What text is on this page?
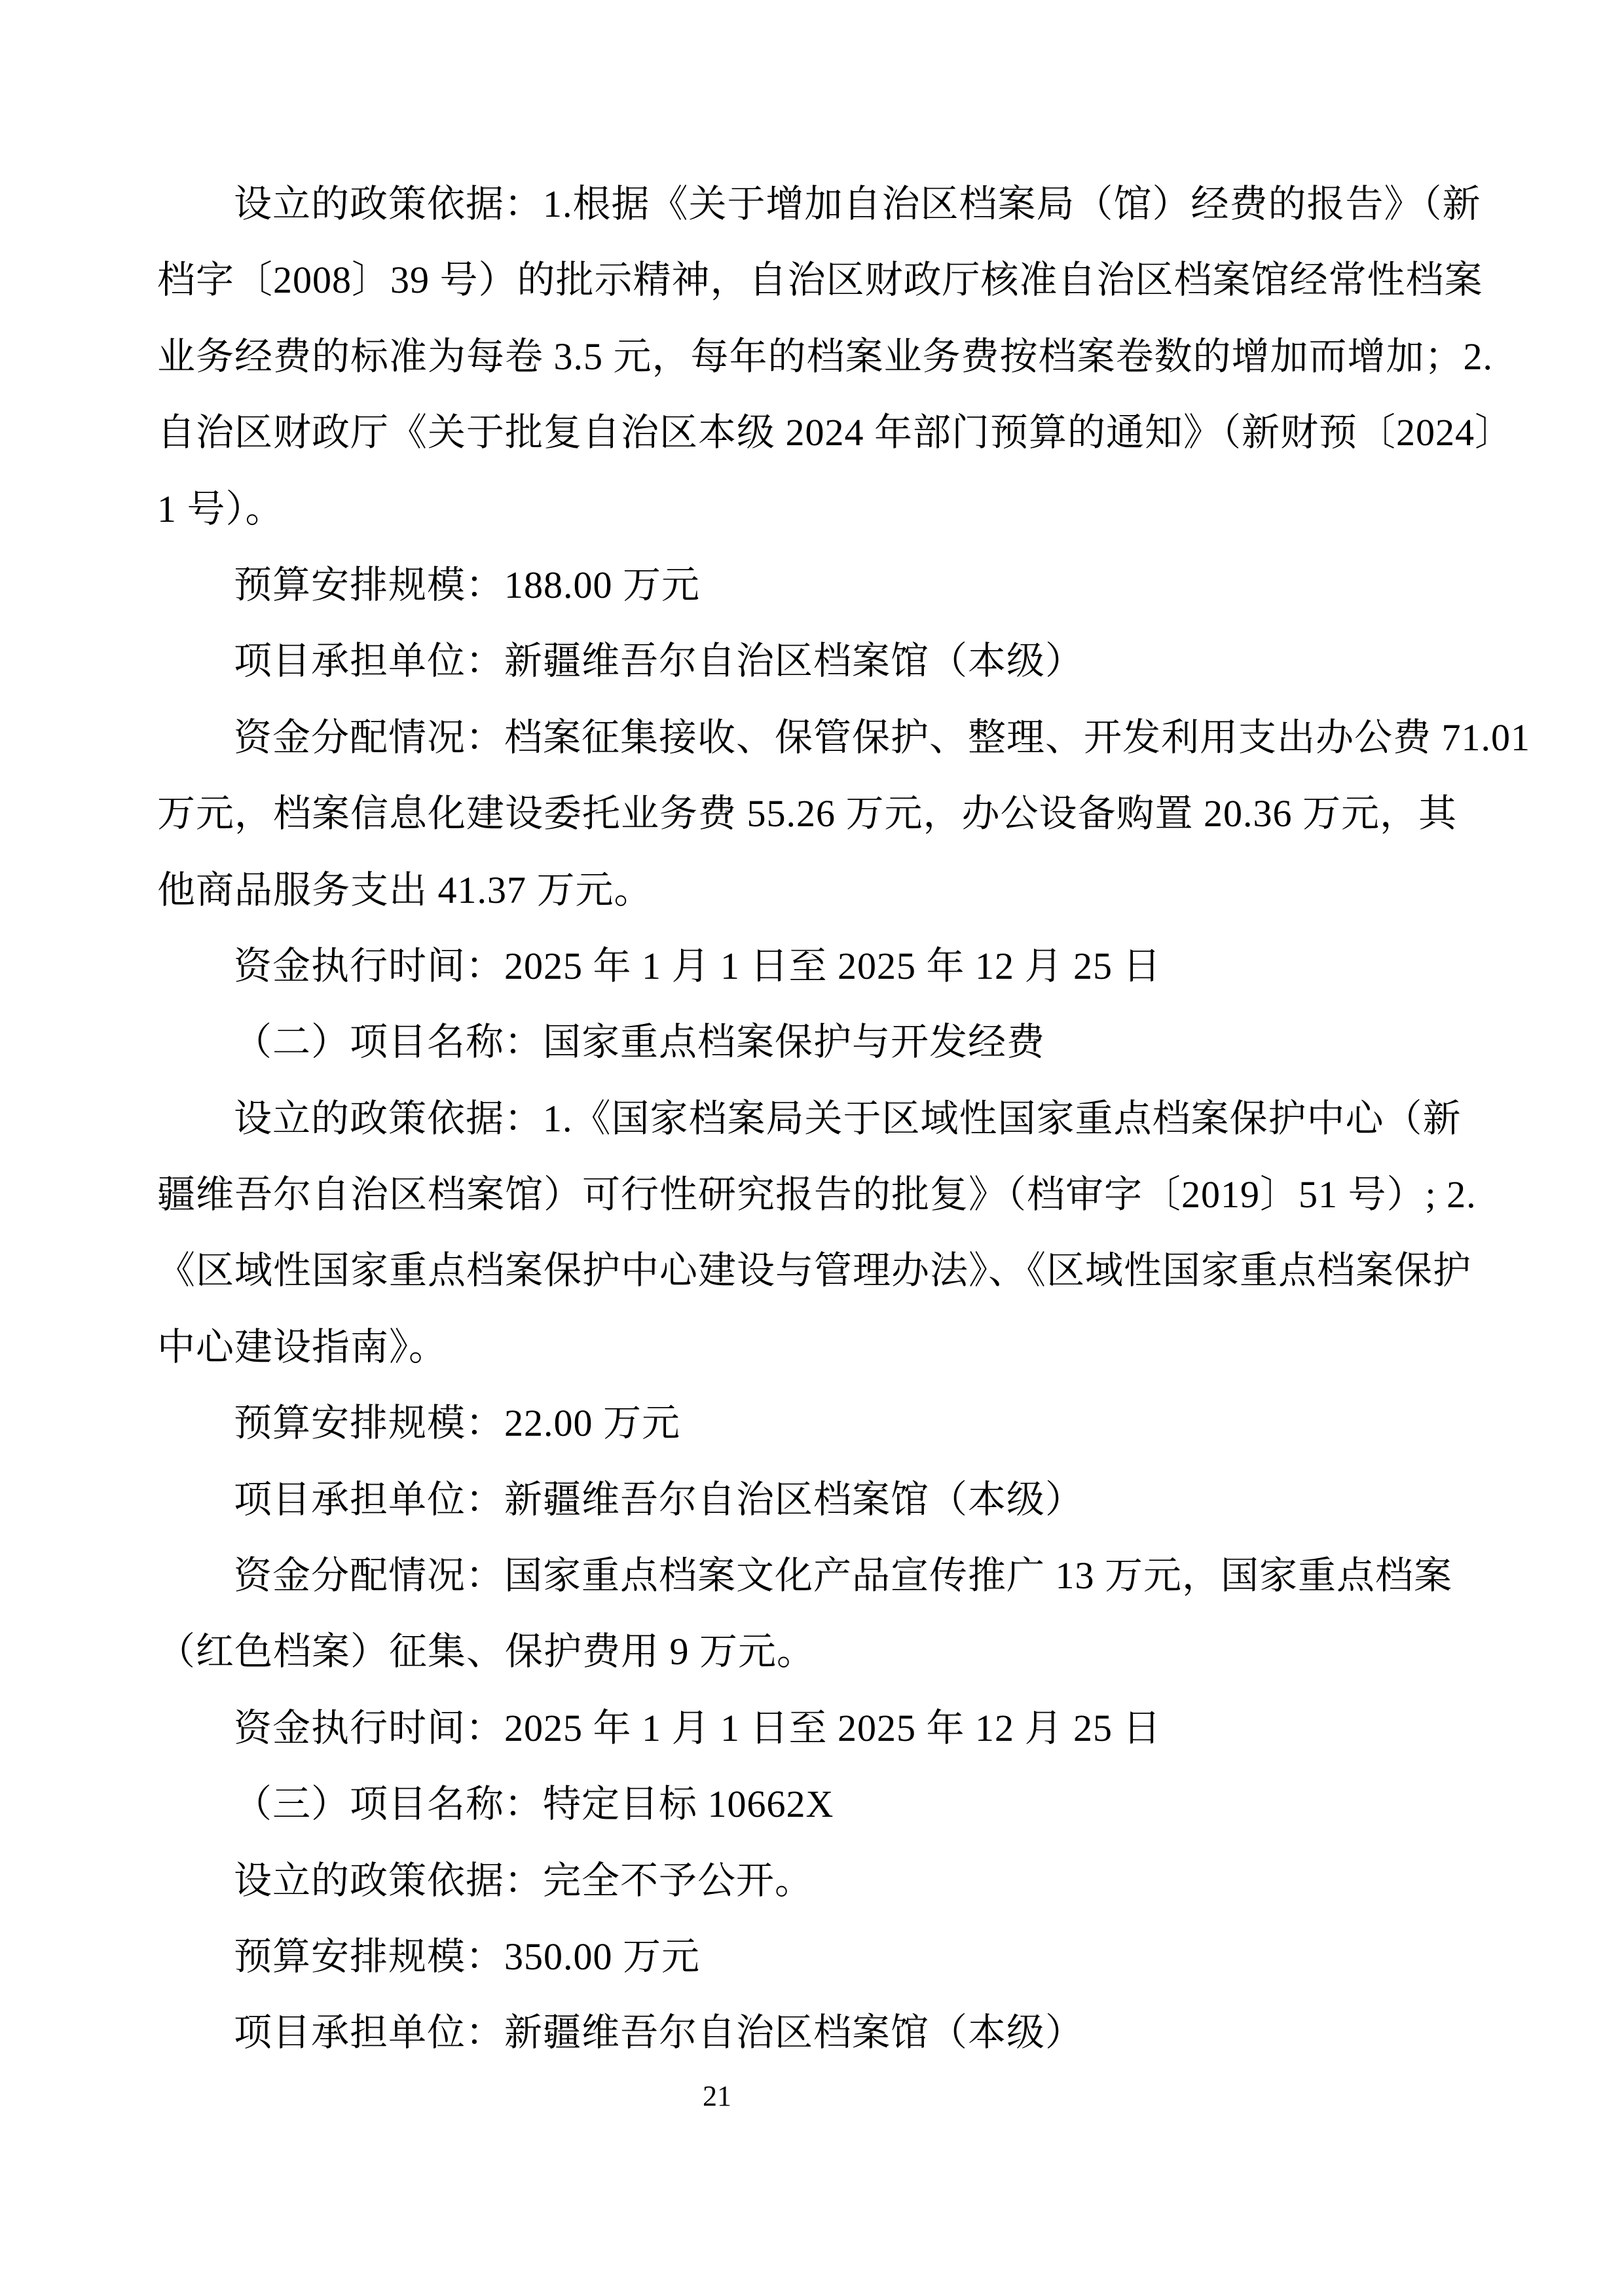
设立的政策依据：1.根据《关于增加自治区档案局（馆）经费的报告》（新
档字〔2008〕39 号）的批示精神，自治区财政厅核准自治区档案馆经常性档案
业务经费的标准为每卷 3.5 元，每年的档案业务费按档案卷数的增加而增加；2.
自治区财政厅《关于批复自治区本级 2024 年部门预算的通知》（新财预〔2024〕
1 号）。
预算安排规模：188.00 万元
项目承担单位：新疆维吾尔自治区档案馆（本级）
资金分配情况：档案征集接收、保管保护、整理、开发利用支出办公费 71.01
万元，档案信息化建设委托业务费 55.26 万元，办公设备购置 20.36 万元，其
他商品服务支出 41.37 万元。
资金执行时间：2025 年 1 月 1 日至 2025 年 12 月 25 日
（二）项目名称：国家重点档案保护与开发经费
设立的政策依据：1.《国家档案局关于区域性国家重点档案保护中心（新
疆维吾尔自治区档案馆）可行性研究报告的批复》（档审字〔2019〕51 号）; 2.
《区域性国家重点档案保护中心建设与管理办法》、《区域性国家重点档案保护
中心建设指南》。
预算安排规模：22.00 万元
项目承担单位：新疆维吾尔自治区档案馆（本级）
资金分配情况：国家重点档案文化产品宣传推广 13 万元，国家重点档案
（红色档案）征集、保护费用 9 万元。
资金执行时间：2025 年 1 月 1 日至 2025 年 12 月 25 日
（三）项目名称：特定目标 10662X
设立的政策依据：完全不予公开。
预算安排规模：350.00 万元
项目承担单位：新疆维吾尔自治区档案馆（本级）
21
